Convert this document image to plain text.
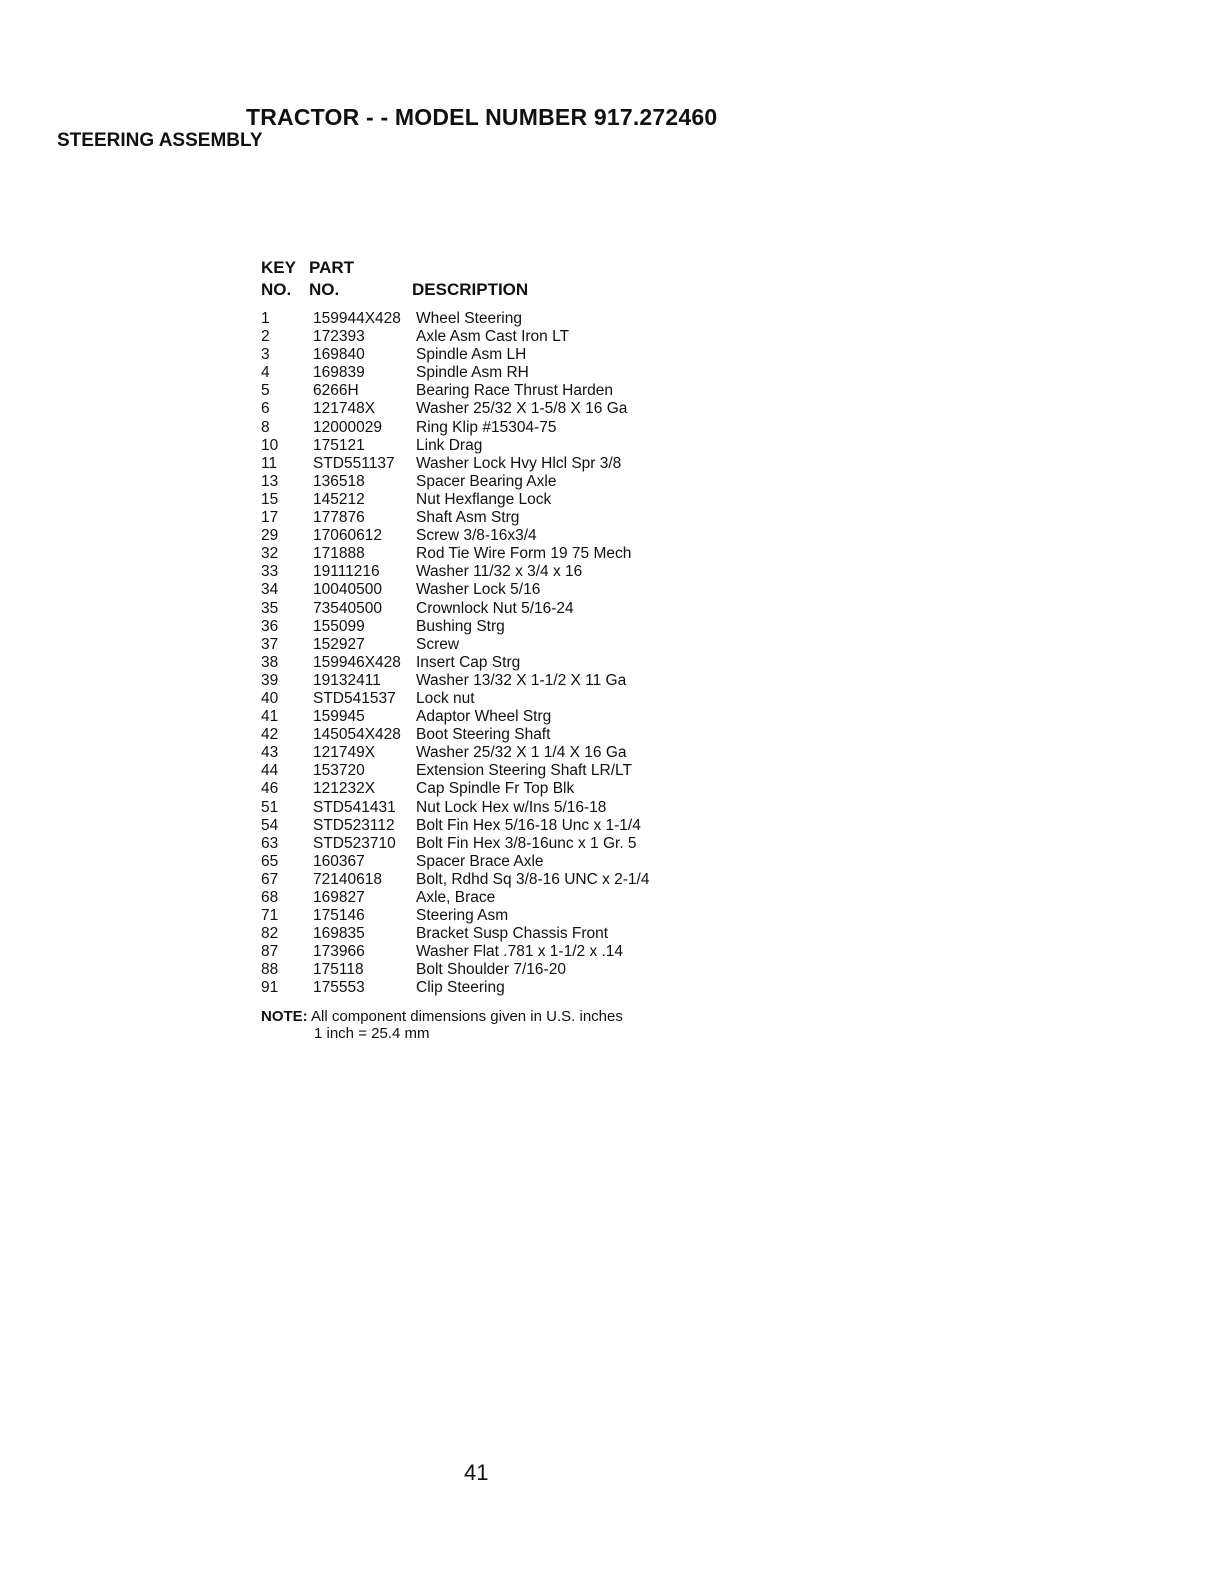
TRACTOR - - MODEL NUMBER 917.272460
STEERING ASSEMBLY
KEY PART
NO. NO.	DESCRIPTION
1	159944X428 Wheel Steering
2	172393	Axle Asm Cast Iron LT
3	169840	Spindle Asm LH
4	169839	Spindle Asm RH
5	6266H	Bearing Race Thrust Harden
6	121748X	Washer 25/32 X 1-5/8 X 16 Ga
8	12000029 Ring Klip #15304-75
10 175121	Link Drag
11 STD551137 Washer Lock Hvy Hlcl Spr 3/8
13 136518	Spacer Bearing Axle
15 145212	Nut Hexflange Lock
17 177876	Shaft Asm Strg
29 17060612 Screw 3/8-16x3/4
32 171888	Rod Tie Wire Form 19 75 Mech
33 19111216 Washer 11/32 x 3/4 x 16
34 10040500 Washer Lock 5/16
35 73540500 Crownlock Nut 5/16-24
36 155099	Bushing Strg
37 152927	Screw
38 159946X428 Insert Cap Strg
39 19132411 Washer 13/32 X 1-1/2 X 11 Ga
40 STD541537 Lock nut
41 159945	Adaptor Wheel Strg
42 145054X428 Boot Steering Shaft
43 121749X	Washer 25/32 X 1 1/4 X 16 Ga
44 153720	Extension Steering Shaft LR/LT
46 121232X	Cap Spindle Fr Top Blk
51 STD541431 Nut Lock Hex w/Ins 5/16-18
54 STD523112 Bolt Fin Hex 5/16-18 Unc x 1-1/4
63 STD523710 Bolt Fin Hex 3/8-16unc x 1 Gr. 5
65 160367	Spacer Brace Axle
67 72140618 Bolt, Rdhd Sq 3/8-16 UNC x 2-1/4
68 169827	Axle, Brace
71 175146	Steering Asm
82 169835	Bracket Susp Chassis Front
87 173966	Washer Flat .781 x 1-1/2 x .14
88 175118	Bolt Shoulder 7/16-20
91 175553	Clip Steering
NOTE: All component dimensions given in U.S. inches
1 inch = 25.4 mm
41
